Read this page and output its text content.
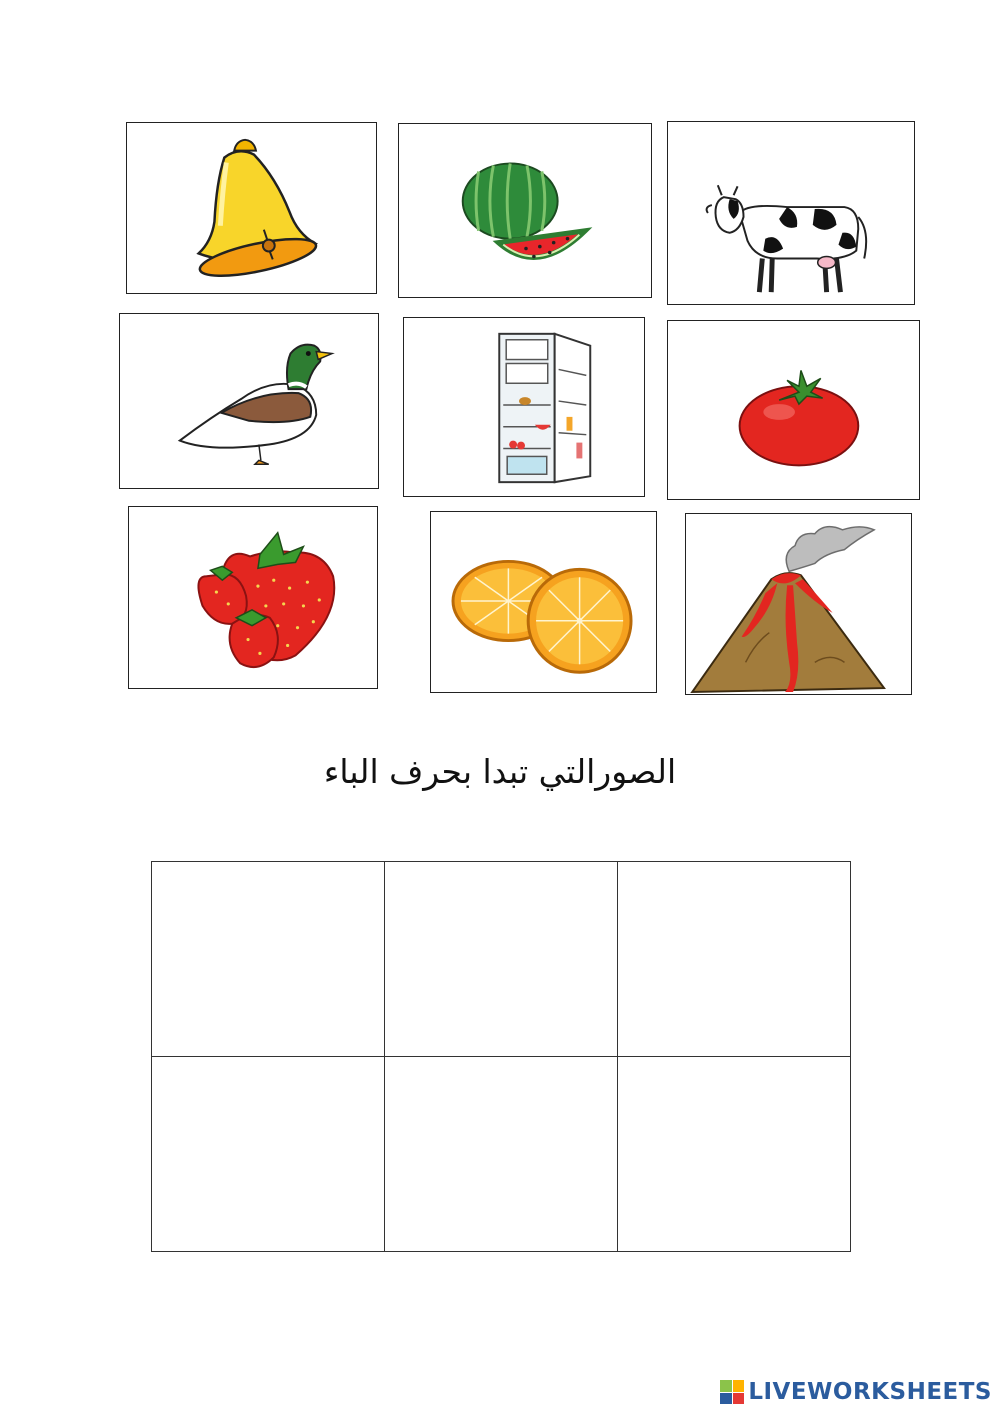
الصورالتي تبدا بحرف الباء

LIVEWORKSHEETS
